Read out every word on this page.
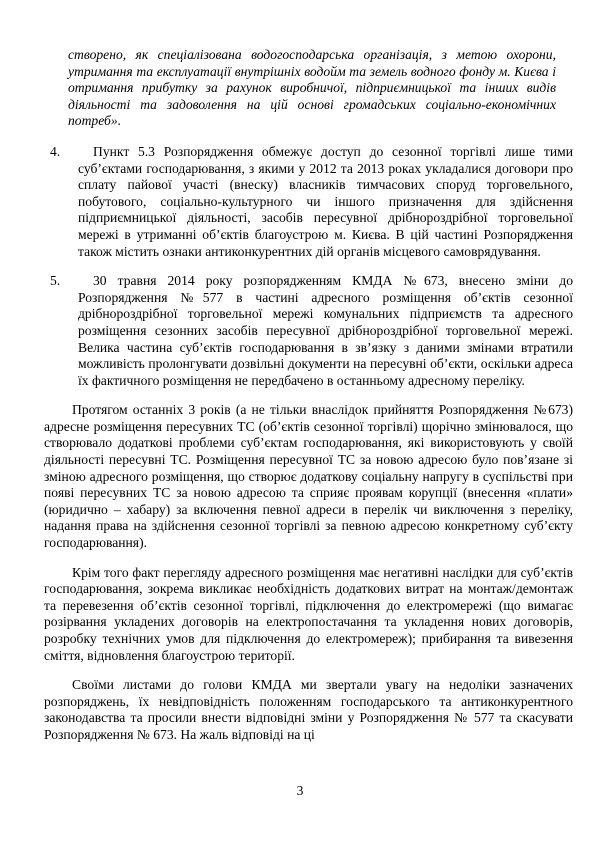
створено, як спеціалізована водогосподарська організація, з метою охорони, утримання та експлуатації внутрішніх водойм та земель водного фонду м. Києва і отримання прибутку за рахунок виробничої, підприємницької та інших видів діяльності та задоволення на цій основі громадських соціально-економічних потреб».
4.	Пункт 5.3 Розпорядження обмежує доступ до сезонної торгівлі лише тими суб’єктами господарювання, з якими у 2012 та 2013 роках укладалися договори про сплату пайової участі (внеску) власників тимчасових споруд торговельного, побутового, соціально-культурного чи іншого призначення для здійснення підприємницької діяльності, засобів пересувної дрібнороздрібної торговельної мережі в утриманні об’єктів благоустрою м. Києва. В цій частині Розпорядження також містить ознаки антиконкурентних дій органів місцевого самоврядування.
5.	30 травня 2014 року розпорядженням КМДА №673, внесено зміни до Розпорядження №577 в частині адресного розміщення об’єктів сезонної дрібнороздрібної торговельної мережі комунальних підприємств та адресного розміщення сезонних засобів пересувної дрібнороздрібної торговельної мережі. Велика частина суб’єктів господарювання в зв’язку з даними змінами втратили можливість пролонгувати дозвільні документи на пересувні об’єкти, оскільки адреса їх фактичного розміщення не передбачено в останньому адресному переліку.
Протягом останніх 3 років (а не тільки внаслідок прийняття Розпорядження №673) адресне розміщення пересувних ТС (об’єктів сезонної торгівлі) щорічно змінювалося, що створювало додаткові проблеми суб’єктам господарювання, які використовують у своїй діяльності пересувні ТС. Розміщення пересувної ТС за новою адресою було пов’язане зі зміною адресного розміщення, що створює додаткову соціальну напругу в суспільстві при появі пересувних ТС за новою адресою та сприяє проявам корупції (внесення «плати» (юридично – хабару) за включення певної адреси в перелік чи виключення з переліку, надання права на здійснення сезонної торгівлі за певною адресою конкретному суб’єкту господарювання).
Крім того факт перегляду адресного розміщення має негативні наслідки для суб’єктів господарювання, зокрема викликає необхідність додаткових витрат на монтаж/демонтаж та перевезення об’єктів сезонної торгівлі, підключення до електромережі (що вимагає розірвання укладених договорів на електропостачання та укладення нових договорів, розробку технічних умов для підключення до електромереж); прибирання та вивезення сміття, відновлення благоустрою території.
Своїми листами до голови КМДА ми звертали увагу на недоліки зазначених розпоряджень, їх невідповідність положенням господарського та антиконкурентного законодавства та просили внести відповідні зміни у Розпорядження № 577 та скасувати Розпорядження № 673. На жаль відповіді на ці
3
